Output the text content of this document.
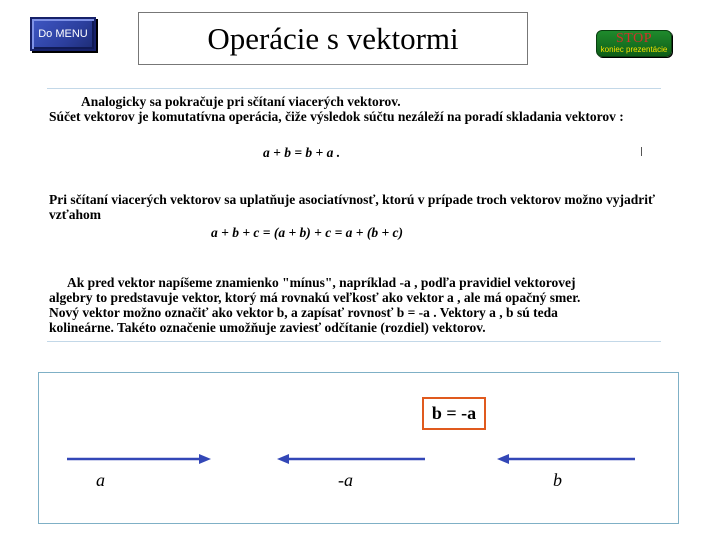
Do MENU	Operácie s vektormi	STOP
koniec prezentácie

Analogicky sa pokračuje pri sčítaní viacerých vektorov.

Súčet vektorov je komutatívna operácia, čiže výsledok súčtu nezáleží na poradí skladania vektorov :

a + b = b + a .

Pri sčítaní viacerých vektorov sa uplatňuje asociatívnosť, ktorú v prípade troch vektorov možno vyjadriť vzťahom

a + b + c = (a + b) + c = a + (b + c)

Ak pred vektor napíšeme znamienko "mínus", napríklad -a , podľa pravidiel vektorovej

algebry to predstavuje vektor, ktorý má rovnakú veľkosť ako vektor a , ale má opačný smer.

Nový vektor možno označiť ako vektor b, a zapísať rovnosť b = -a . Vektory a , b sú teda

kolineárne. Takéto označenie umožňuje zaviesť odčítanie (rozdiel) vektorov.

b = -a
a	-a	b
